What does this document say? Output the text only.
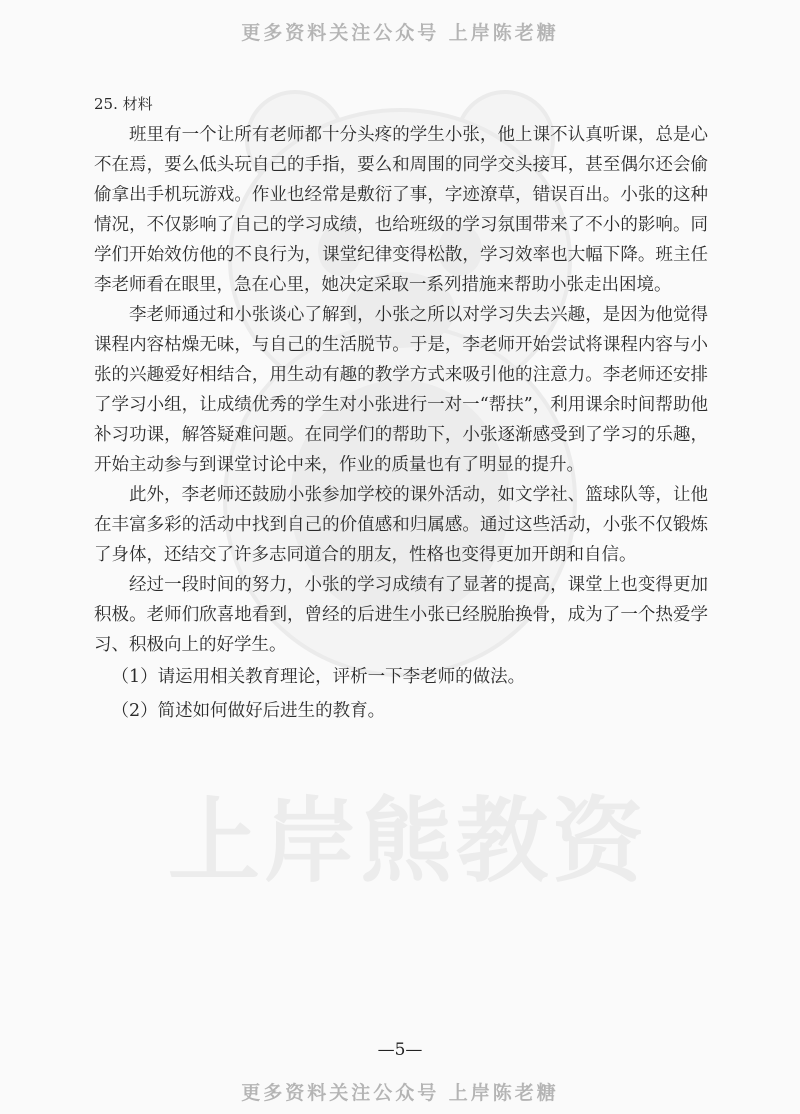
更多资料关注公众号 上岸陈老糖
上岸熊教资

25. 材料

班里有一个让所有老师都十分头疼的学生小张，他上课不认真听课，总是心不在焉，要么低头玩自己的手指，要么和周围的同学交头接耳，甚至偶尔还会偷偷拿出手机玩游戏。作业也经常是敷衍了事，字迹潦草，错误百出。小张的这种情况，不仅影响了自己的学习成绩，也给班级的学习氛围带来了不小的影响。同学们开始效仿他的不良行为，课堂纪律变得松散，学习效率也大幅下降。班主任李老师看在眼里，急在心里，她决定采取一系列措施来帮助小张走出困境。

李老师通过和小张谈心了解到，小张之所以对学习失去兴趣，是因为他觉得课程内容枯燥无味，与自己的生活脱节。于是，李老师开始尝试将课程内容与小张的兴趣爱好相结合，用生动有趣的教学方式来吸引他的注意力。李老师还安排了学习小组，让成绩优秀的学生对小张进行一对一“帮扶”，利用课余时间帮助他补习功课，解答疑难问题。在同学们的帮助下，小张逐渐感受到了学习的乐趣，开始主动参与到课堂讨论中来，作业的质量也有了明显的提升。

此外，李老师还鼓励小张参加学校的课外活动，如文学社、篮球队等，让他在丰富多彩的活动中找到自己的价值感和归属感。通过这些活动，小张不仅锻炼了身体，还结交了许多志同道合的朋友，性格也变得更加开朗和自信。

经过一段时间的努力，小张的学习成绩有了显著的提高，课堂上也变得更加积极。老师们欣喜地看到，曾经的后进生小张已经脱胎换骨，成为了一个热爱学习、积极向上的好学生。

（1）请运用相关教育理论，评析一下李老师的做法。

（2）简述如何做好后进生的教育。

—5—
更多资料关注公众号 上岸陈老糖
